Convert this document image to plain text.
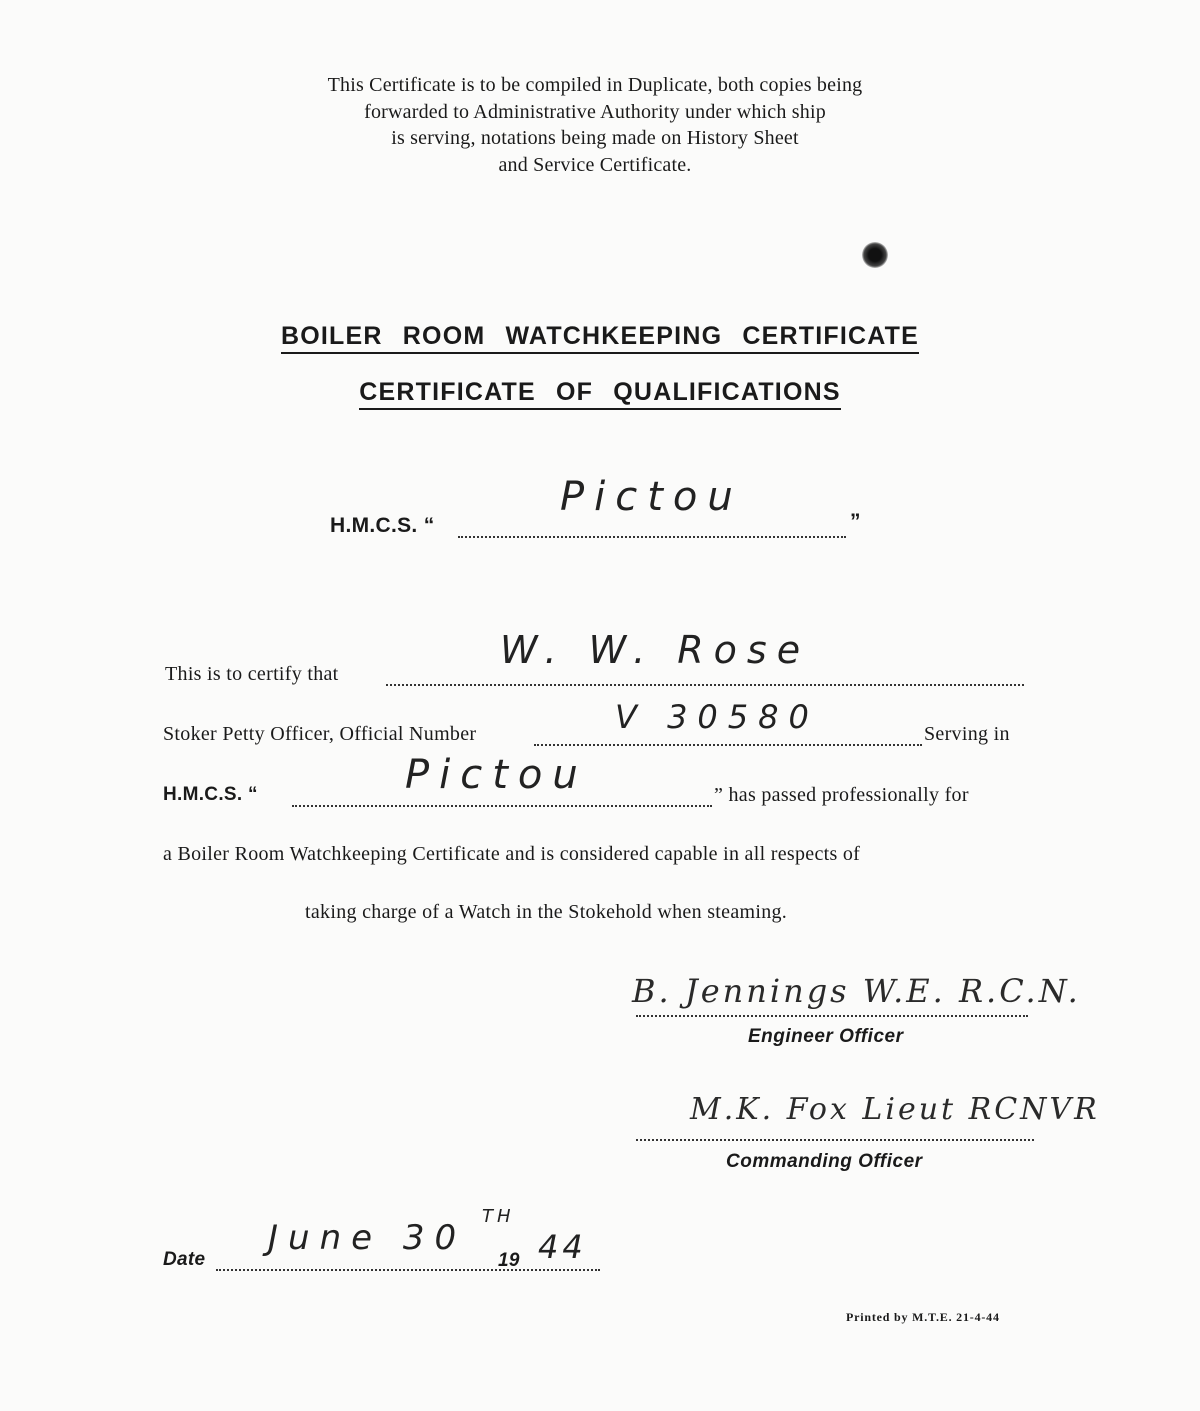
This Certificate is to be compiled in Duplicate, both copies being
forwarded to Administrative Authority under which ship
is serving, notations being made on History Sheet
and Service Certificate.
BOILER ROOM WATCHKEEPING CERTIFICATE
CERTIFICATE OF QUALIFICATIONS
H.M.C.S. “	”
Pictou
This is to certify that
W. W. Rose
Stoker Petty Officer, Official Number	Serving in
V 30580
H.M.C.S. “	Pictou	” has passed professionally for
a Boiler Room Watchkeeping Certificate and is considered capable in all respects of
taking charge of a Watch in the Stokehold when steaming.
B. Jennings W.E. R.C.N.
Engineer Officer
M.K. Fox Lieut RCNVR
Commanding Officer
Date
June 30
TH
19 44
Printed by M.T.E. 21-4-44
